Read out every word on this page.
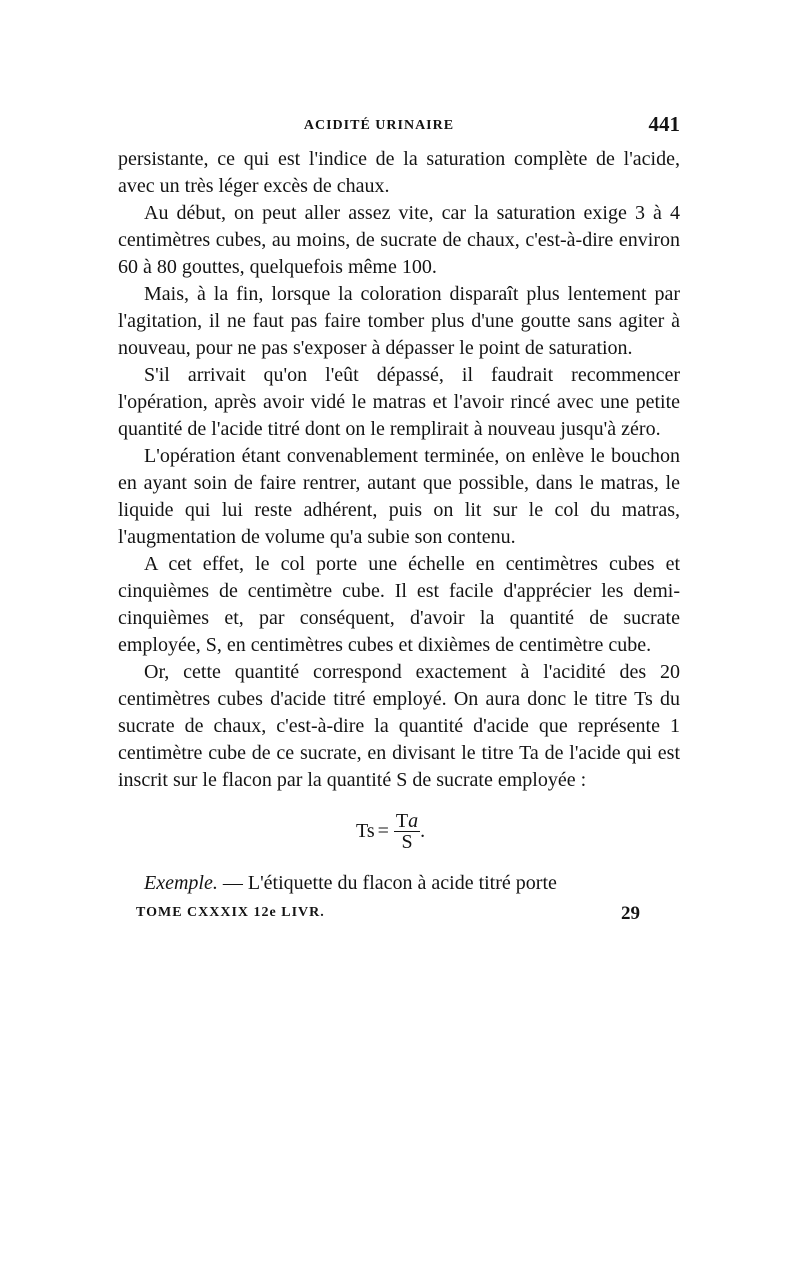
ACIDITÉ URINAIRE	441

persistante, ce qui est l'indice de la saturation complète de l'acide, avec un très léger excès de chaux.

Au début, on peut aller assez vite, car la saturation exige 3 à 4 centimètres cubes, au moins, de sucrate de chaux, c'est-à-dire environ 60 à 80 gouttes, quelquefois même 100.

Mais, à la fin, lorsque la coloration disparaît plus lentement par l'agitation, il ne faut pas faire tomber plus d'une goutte sans agiter à nouveau, pour ne pas s'exposer à dépasser le point de saturation.

S'il arrivait qu'on l'eût dépassé, il faudrait recommencer l'opération, après avoir vidé le matras et l'avoir rincé avec une petite quantité de l'acide titré dont on le remplirait à nouveau jusqu'à zéro.

L'opération étant convenablement terminée, on enlève le bouchon en ayant soin de faire rentrer, autant que possible, dans le matras, le liquide qui lui reste adhérent, puis on lit sur le col du matras, l'augmentation de volume qu'a subie son contenu.

A cet effet, le col porte une échelle en centimètres cubes et cinquièmes de centimètre cube. Il est facile d'apprécier les demi-cinquièmes et, par conséquent, d'avoir la quantité de sucrate employée, S, en centimètres cubes et dixièmes de centimètre cube.

Or, cette quantité correspond exactement à l'acidité des 20 centimètres cubes d'acide titré employé. On aura donc le titre Ts du sucrate de chaux, c'est-à-dire la quantité d'acide que représente 1 centimètre cube de ce sucrate, en divisant le titre Ta de l'acide qui est inscrit sur le flacon par la quantité S de sucrate employée :

$Ts = \frac{Ta}{S}$ .

Exemple. — L'étiquette du flacon à acide titré porte

TOME CXXXIX 12e LIVR.	29
